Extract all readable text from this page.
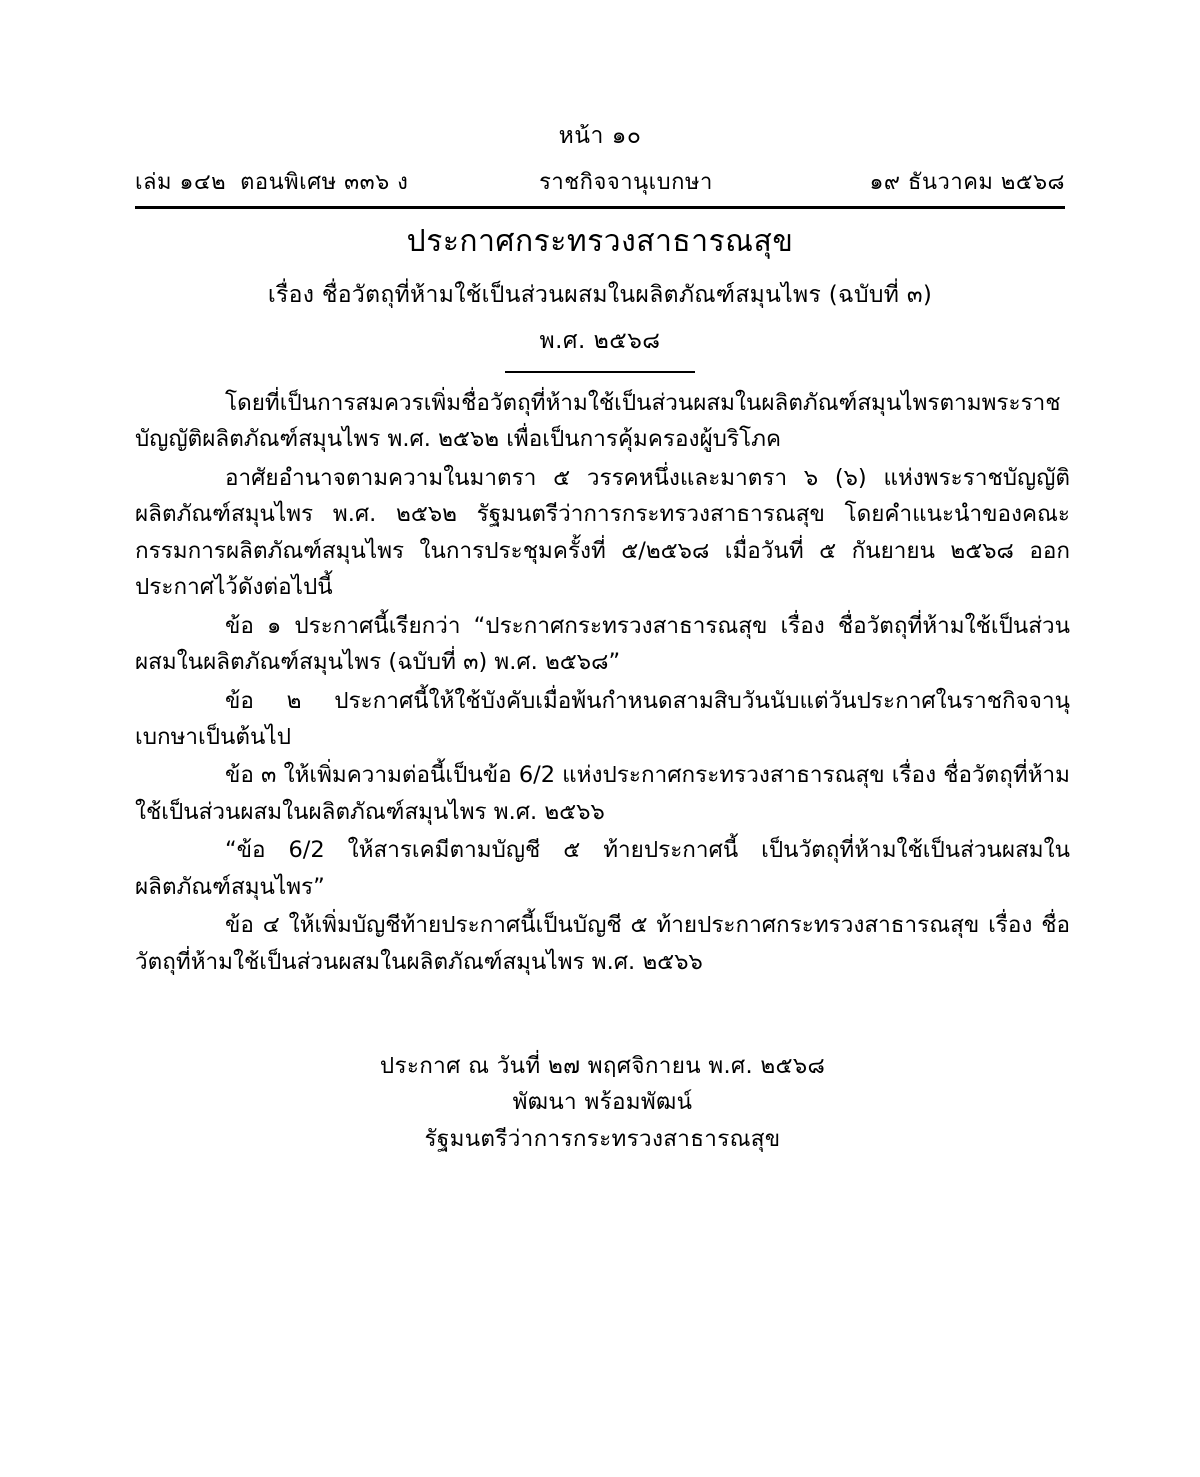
หน้า ๑๐
เล่ม ๑๔๒ ตอนพิเศษ ๓๓๖ ง	ราชกิจจานุเบกษา	๑๙ ธันวาคม ๒๕๖๘
ประกาศกระทรวงสาธารณสุข
เรื่อง ชื่อวัตถุที่ห้ามใช้เป็นส่วนผสมในผลิตภัณฑ์สมุนไพร (ฉบับที่ ๓)
พ.ศ. ๒๕๖๘
โดยที่เป็นการสมควรเพิ่มชื่อวัตถุที่ห้ามใช้เป็นส่วนผสมในผลิตภัณฑ์สมุนไพรตามพระราชบัญญัติผลิตภัณฑ์สมุนไพร พ.ศ. ๒๕๖๒ เพื่อเป็นการคุ้มครองผู้บริโภค
อาศัยอำนาจตามความในมาตรา ๕ วรรคหนึ่งและมาตรา ๖ (๖) แห่งพระราชบัญญัติผลิตภัณฑ์สมุนไพร พ.ศ. ๒๕๖๒ รัฐมนตรีว่าการกระทรวงสาธารณสุข โดยคำแนะนำของคณะกรรมการผลิตภัณฑ์สมุนไพร ในการประชุมครั้งที่ ๕/๒๕๖๘ เมื่อวันที่ ๕ กันยายน ๒๕๖๘ ออกประกาศไว้ดังต่อไปนี้
ข้อ ๑ ประกาศนี้เรียกว่า “ประกาศกระทรวงสาธารณสุข เรื่อง ชื่อวัตถุที่ห้ามใช้เป็นส่วนผสมในผลิตภัณฑ์สมุนไพร (ฉบับที่ ๓) พ.ศ. ๒๕๖๘”
ข้อ ๒ ประกาศนี้ให้ใช้บังคับเมื่อพ้นกำหนดสามสิบวันนับแต่วันประกาศในราชกิจจานุเบกษาเป็นต้นไป
ข้อ ๓ ให้เพิ่มความต่อนี้เป็นข้อ 6/2 แห่งประกาศกระทรวงสาธารณสุข เรื่อง ชื่อวัตถุที่ห้ามใช้เป็นส่วนผสมในผลิตภัณฑ์สมุนไพร พ.ศ. ๒๕๖๖
“ข้อ 6/2 ให้สารเคมีตามบัญชี ๕ ท้ายประกาศนี้ เป็นวัตถุที่ห้ามใช้เป็นส่วนผสมในผลิตภัณฑ์สมุนไพร”
ข้อ ๔ ให้เพิ่มบัญชีท้ายประกาศนี้เป็นบัญชี ๕ ท้ายประกาศกระทรวงสาธารณสุข เรื่อง ชื่อวัตถุที่ห้ามใช้เป็นส่วนผสมในผลิตภัณฑ์สมุนไพร พ.ศ. ๒๕๖๖
ประกาศ ณ วันที่ ๒๗ พฤศจิกายน พ.ศ. ๒๕๖๘
พัฒนา พร้อมพัฒน์
รัฐมนตรีว่าการกระทรวงสาธารณสุข
